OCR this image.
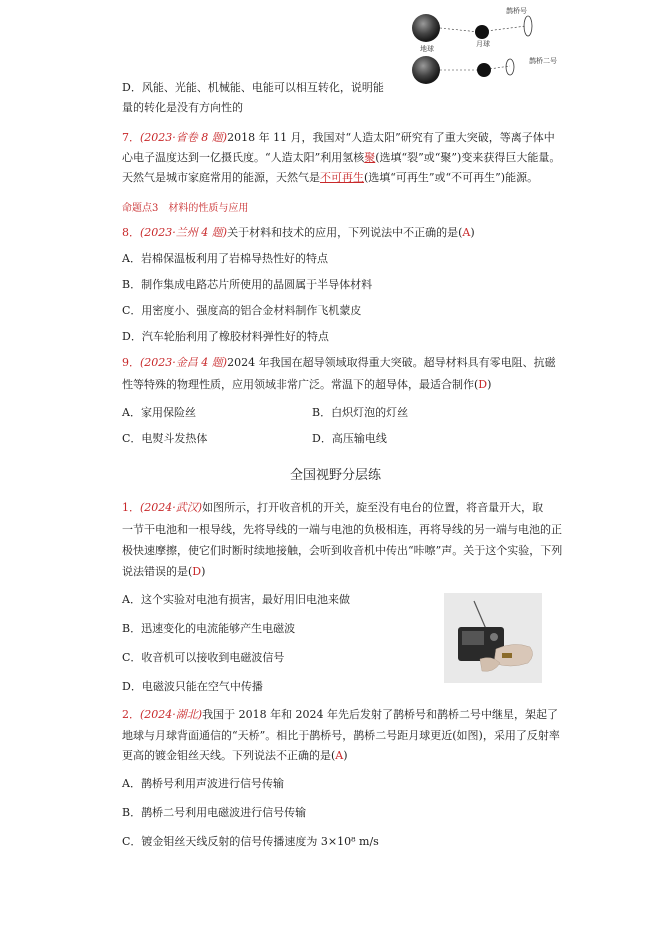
地球
月球
鹊桥号
鹊桥二号
D．风能、光能、机械能、电能可以相互转化，说明能
量的转化是没有方向性的
7．(2023·省卷 8 题)2018 年 11 月，我国对“人造太阳”研究有了重大突破，等离子体中
心电子温度达到一亿摄氏度。“人造太阳”利用氢核聚(选填“裂”或“聚”)变来获得巨大能量。
天然气是城市家庭常用的能源，天然气是不可再生(选填“可再生”或“不可再生”)能源。
命题点3　材料的性质与应用
8．(2023·兰州 4 题)关于材料和技术的应用，下列说法中不正确的是(A)
A．岩棉保温板利用了岩棉导热性好的特点
B．制作集成电路芯片所使用的晶圆属于半导体材料
C．用密度小、强度高的铝合金材料制作飞机蒙皮
D．汽车轮胎利用了橡胶材料弹性好的特点
9．(2023·金昌 4 题)2024 年我国在超导领域取得重大突破。超导材料具有零电阻、抗磁
性等特殊的物理性质，应用领域非常广泛。常温下的超导体，最适合制作(D)
A．家用保险丝	B．白炽灯泡的灯丝
C．电熨斗发热体	D．高压输电线
全国视野分层练
1．(2024·武汉)如图所示，打开收音机的开关，旋至没有电台的位置，将音量开大，取
一节干电池和一根导线，先将导线的一端与电池的负极相连，再将导线的另一端与电池的正
极快速摩擦，使它们时断时续地接触，会听到收音机中传出“咔嚓”声。关于这个实验，下列
说法错误的是(D)
A．这个实验对电池有损害，最好用旧电池来做
B．迅速变化的电流能够产生电磁波
C．收音机可以接收到电磁波信号
D．电磁波只能在空气中传播
2．(2024·湖北)我国于 2018 年和 2024 年先后发射了鹊桥号和鹊桥二号中继星，架起了
地球与月球背面通信的“天桥”。相比于鹊桥号，鹊桥二号距月球更近(如图)，采用了反射率
更高的镀金钼丝天线。下列说法不正确的是(A)
A．鹊桥号利用声波进行信号传输
B．鹊桥二号利用电磁波进行信号传输
C．镀金钼丝天线反射的信号传播速度为 3×10⁸ m/s
